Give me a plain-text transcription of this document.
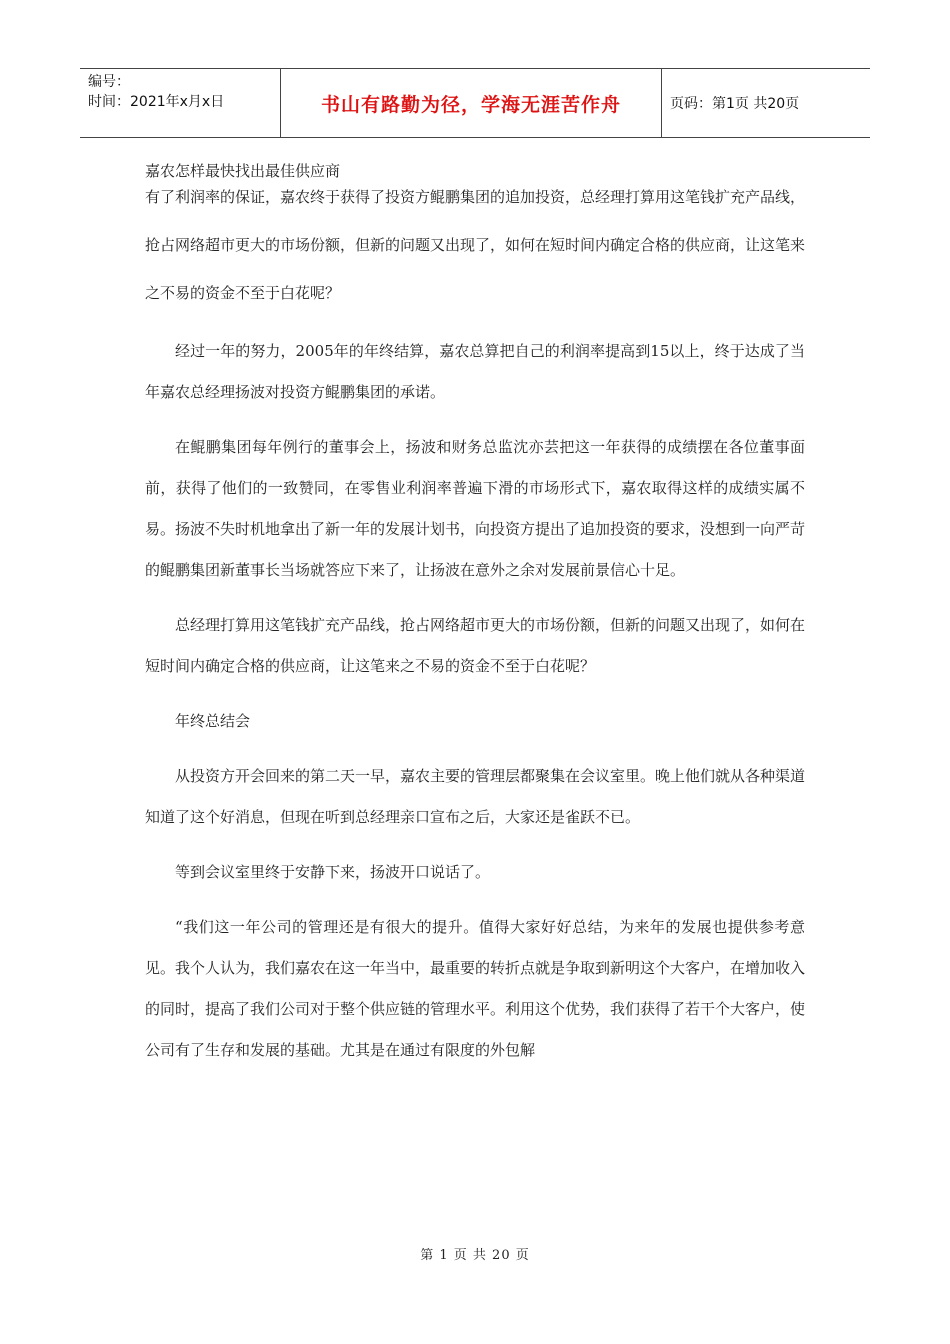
编号：
时间：2021年x月x日	书山有路勤为径，学海无涯苦作舟	页码：第1页 共20页

嘉农怎样最快找出最佳供应商

有了利润率的保证，嘉农终于获得了投资方鲲鹏集团的追加投资，总经理打算用这笔钱扩充产品线，抢占网络超市更大的市场份额，但新的问题又出现了，如何在短时间内确定合格的供应商，让这笔来之不易的资金不至于白花呢？

经过一年的努力，2005年的年终结算，嘉农总算把自己的利润率提高到15以上，终于达成了当年嘉农总经理扬波对投资方鲲鹏集团的承诺。

在鲲鹏集团每年例行的董事会上，扬波和财务总监沈亦芸把这一年获得的成绩摆在各位董事面前，获得了他们的一致赞同，在零售业利润率普遍下滑的市场形式下，嘉农取得这样的成绩实属不易。扬波不失时机地拿出了新一年的发展计划书，向投资方提出了追加投资的要求，没想到一向严苛的鲲鹏集团新董事长当场就答应下来了，让扬波在意外之余对发展前景信心十足。

总经理打算用这笔钱扩充产品线，抢占网络超市更大的市场份额，但新的问题又出现了，如何在短时间内确定合格的供应商，让这笔来之不易的资金不至于白花呢？

年终总结会

从投资方开会回来的第二天一早，嘉农主要的管理层都聚集在会议室里。晚上他们就从各种渠道知道了这个好消息，但现在听到总经理亲口宣布之后，大家还是雀跃不已。

等到会议室里终于安静下来，扬波开口说话了。

“我们这一年公司的管理还是有很大的提升。值得大家好好总结，为来年的发展也提供参考意见。我个人认为，我们嘉农在这一年当中，最重要的转折点就是争取到新明这个大客户，在增加收入的同时，提高了我们公司对于整个供应链的管理水平。利用这个优势，我们获得了若干个大客户，使公司有了生存和发展的基础。尤其是在通过有限度的外包解

第 1 页 共 20 页
